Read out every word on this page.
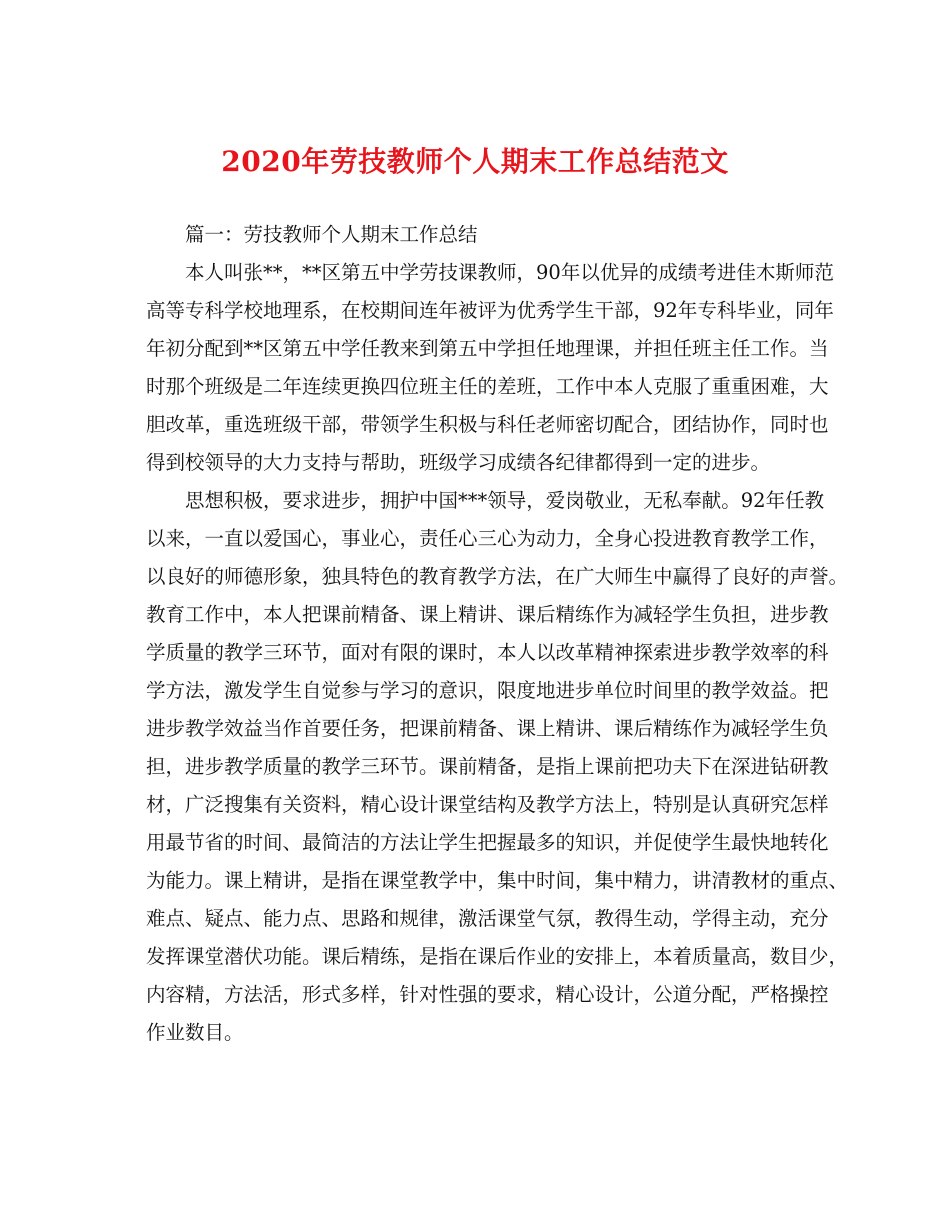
2020年劳技教师个人期末工作总结范文
篇一：劳技教师个人期末工作总结
本人叫张**，**区第五中学劳技课教师，90年以优异的成绩考进佳木斯师范
高等专科学校地理系，在校期间连年被评为优秀学生干部，92年专科毕业，同年
年初分配到**区第五中学任教来到第五中学担任地理课，并担任班主任工作。当
时那个班级是二年连续更换四位班主任的差班，工作中本人克服了重重困难，大
胆改革，重选班级干部，带领学生积极与科任老师密切配合，团结协作，同时也
得到校领导的大力支持与帮助，班级学习成绩各纪律都得到一定的进步。
思想积极，要求进步，拥护中国***领导，爱岗敬业，无私奉献。92年任教
以来，一直以爱国心，事业心，责任心三心为动力，全身心投进教育教学工作，
以良好的师德形象，独具特色的教育教学方法，在广大师生中赢得了良好的声誉。
教育工作中，本人把课前精备、课上精讲、课后精练作为减轻学生负担，进步教
学质量的教学三环节，面对有限的课时，本人以改革精神探索进步教学效率的科
学方法，激发学生自觉参与学习的意识，限度地进步单位时间里的教学效益。把
进步教学效益当作首要任务，把课前精备、课上精讲、课后精练作为减轻学生负
担，进步教学质量的教学三环节。课前精备，是指上课前把功夫下在深进钻研教
材，广泛搜集有关资料，精心设计课堂结构及教学方法上，特别是认真研究怎样
用最节省的时间、最简洁的方法让学生把握最多的知识，并促使学生最快地转化
为能力。课上精讲，是指在课堂教学中，集中时间，集中精力，讲清教材的重点、
难点、疑点、能力点、思路和规律，激活课堂气氛，教得生动，学得主动，充分
发挥课堂潜伏功能。课后精练，是指在课后作业的安排上，本着质量高，数目少，
内容精，方法活，形式多样，针对性强的要求，精心设计，公道分配，严格操控
作业数目。
